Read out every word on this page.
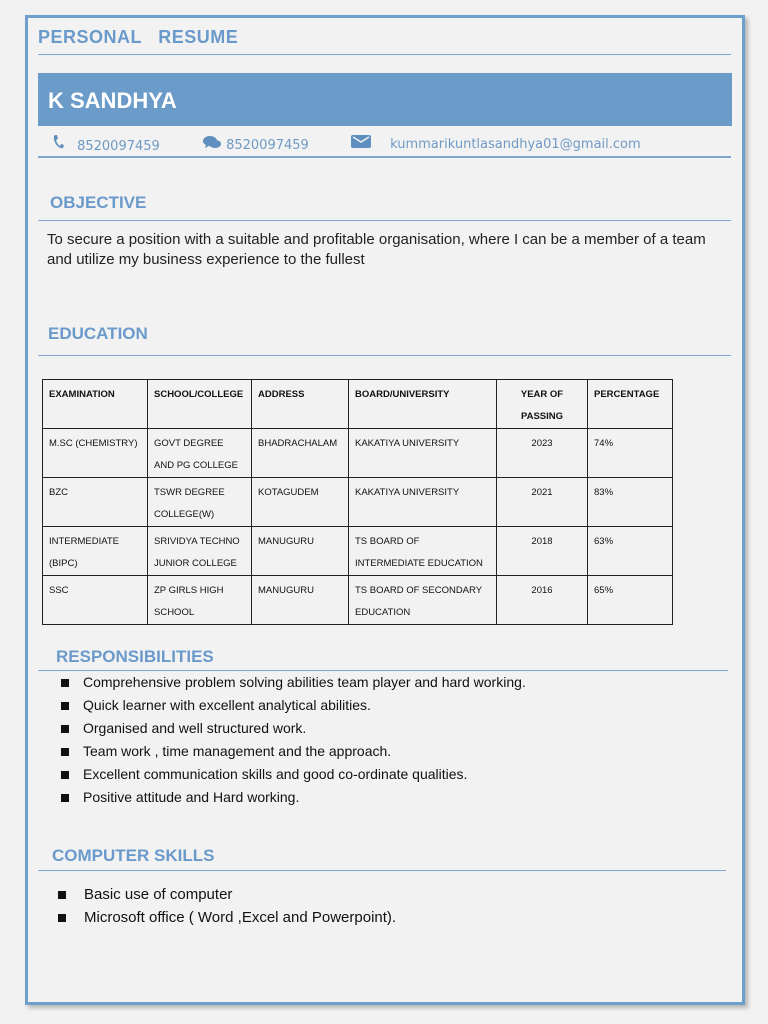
PERSONAL   RESUME
K SANDHYA
8520097459	8520097459	kummarikuntlasandhya01@gmail.com
OBJECTIVE
To secure a position with a suitable and profitable organisation, where I can be a member of a team and utilize my business experience to the fullest
EDUCATION
EXAMINATION	SCHOOL/COLLEGE	ADDRESS	BOARD/UNIVERSITY	YEAR OF PASSING	PERCENTAGE
M.SC (CHEMISTRY)	GOVT DEGREE AND PG COLLEGE	BHADRACHALAM	KAKATIYA UNIVERSITY	2023	74%
BZC	TSWR DEGREE COLLEGE(W)	KOTAGUDEM	KAKATIYA UNIVERSITY	2021	83%
INTERMEDIATE (BIPC)	SRIVIDYA TECHNO JUNIOR COLLEGE	MANUGURU	TS BOARD OF INTERMEDIATE EDUCATION	2018	63%
SSC	ZP GIRLS HIGH SCHOOL	MANUGURU	TS BOARD OF SECONDARY EDUCATION	2016	65%
RESPONSIBILITIES
Comprehensive problem solving abilities team player and hard working.
Quick learner with excellent analytical abilities.
Organised and well structured work.
Team work , time management and the approach.
Excellent communication skills and good co-ordinate qualities.
Positive attitude and Hard working.
COMPUTER SKILLS
Basic use of computer
Microsoft office ( Word ,Excel and Powerpoint).
